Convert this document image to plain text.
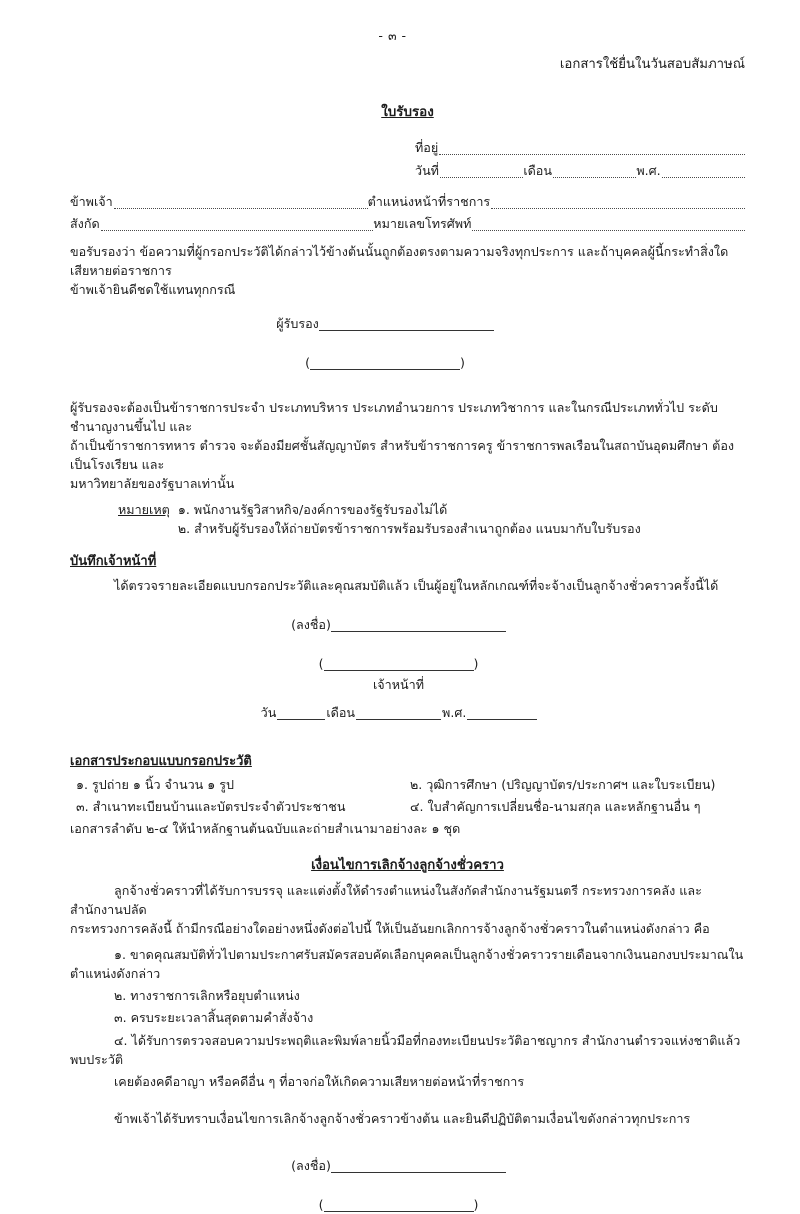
- ๓ -
เอกสารใช้ยื่นในวันสอบสัมภาษณ์
ใบรับรอง
ที่อยู่
วันที่	เดือน	พ.ศ.
ข้าพเจ้า	ตำแหน่งหน้าที่ราชการ
สังกัด	หมายเลขโทรศัพท์

ขอรับรองว่า ข้อความที่ผู้กรอกประวัติได้กล่าวไว้ข้างต้นนั้นถูกต้องตรงตามความจริงทุกประการ และถ้าบุคคลผู้นี้กระทำสิ่งใดเสียหายต่อราชการ

ข้าพเจ้ายินดีชดใช้แทนทุกกรณี

ผู้รับรอง
(	)

ผู้รับรองจะต้องเป็นข้าราชการประจำ ประเภทบริหาร ประเภทอำนวยการ ประเภทวิชาการ และในกรณีประเภททั่วไป ระดับชำนาญงานขึ้นไป และ

ถ้าเป็นข้าราชการทหาร ตำรวจ จะต้องมียศชั้นสัญญาบัตร สำหรับข้าราชการครู ข้าราชการพลเรือนในสถาบันอุดมศึกษา ต้องเป็นโรงเรียน และ

มหาวิทยาลัยของรัฐบาลเท่านั้น

หมายเหตุ ๑. พนักงานรัฐวิสาหกิจ/องค์การของรัฐรับรองไม่ได้
๒. สำหรับผู้รับรองให้ถ่ายบัตรข้าราชการพร้อมรับรองสำเนาถูกต้อง แนบมากับใบรับรอง
บันทึกเจ้าหน้าที่

ได้ตรวจรายละเอียดแบบกรอกประวัติและคุณสมบัติแล้ว เป็นผู้อยู่ในหลักเกณฑ์ที่จะจ้างเป็นลูกจ้างชั่วคราวครั้งนี้ได้

(ลงชื่อ)
(	)
เจ้าหน้าที่
วัน	เดือน	พ.ศ.
เอกสารประกอบแบบกรอกประวัติ
๑. รูปถ่าย ๑ นิ้ว จำนวน ๑ รูป	๒. วุฒิการศึกษา (ปริญญาบัตร/ประกาศฯ และใบระเบียน)
๓. สำเนาทะเบียนบ้านและบัตรประจำตัวประชาชน	๔. ใบสำคัญการเปลี่ยนชื่อ-นามสกุล และหลักฐานอื่น ๆ
เอกสารลำดับ ๒-๔ ให้นำหลักฐานต้นฉบับและถ่ายสำเนามาอย่างละ ๑ ชุด
เงื่อนไขการเลิกจ้างลูกจ้างชั่วคราว

ลูกจ้างชั่วคราวที่ได้รับการบรรจุ และแต่งตั้งให้ดำรงตำแหน่งในสังกัดสำนักงานรัฐมนตรี กระทรวงการคลัง และสำนักงานปลัด

กระทรวงการคลังนี้ ถ้ามีกรณีอย่างใดอย่างหนึ่งดังต่อไปนี้ ให้เป็นอันยกเลิกการจ้างลูกจ้างชั่วคราวในตำแหน่งดังกล่าว คือ

๑. ขาดคุณสมบัติทั่วไปตามประกาศรับสมัครสอบคัดเลือกบุคคลเป็นลูกจ้างชั่วคราวรายเดือนจากเงินนอกงบประมาณในตำแหน่งดังกล่าว
๒. ทางราชการเลิกหรือยุบตำแหน่ง
๓. ครบระยะเวลาสิ้นสุดตามคำสั่งจ้าง
๔. ได้รับการตรวจสอบความประพฤติและพิมพ์ลายนิ้วมือที่กองทะเบียนประวัติอาชญากร สำนักงานตำรวจแห่งชาติแล้วพบประวัติ
เคยต้องคดีอาญา หรือคดีอื่น ๆ ที่อาจก่อให้เกิดความเสียหายต่อหน้าที่ราชการ

ข้าพเจ้าได้รับทราบเงื่อนไขการเลิกจ้างลูกจ้างชั่วคราวข้างต้น และยินดีปฏิบัติตามเงื่อนไขดังกล่าวทุกประการ

(ลงชื่อ)
(	)
